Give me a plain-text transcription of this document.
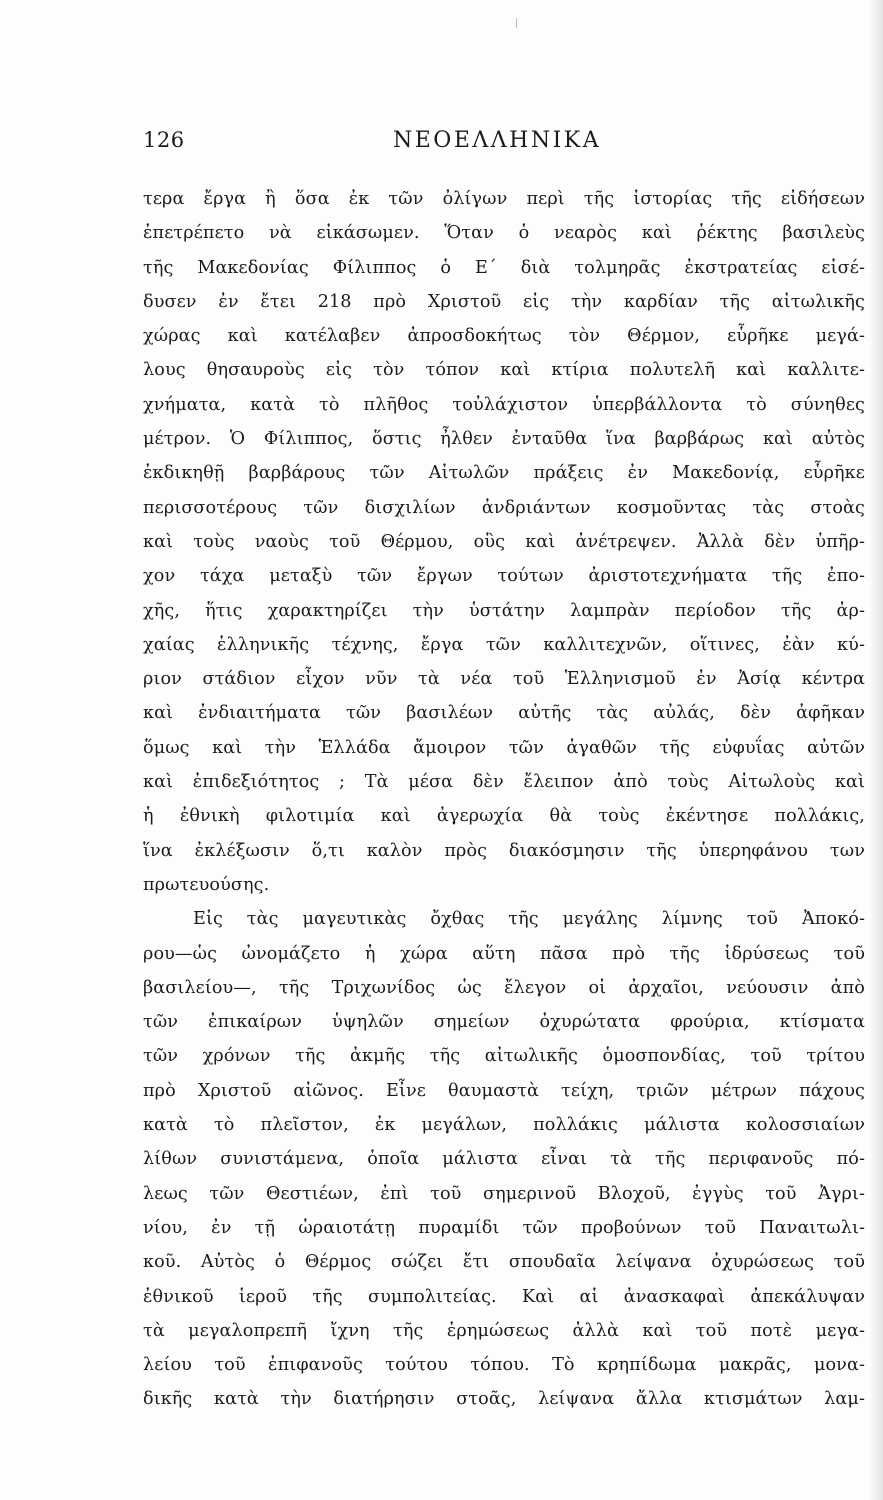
126	ΝΕΟΕΛΛΗΝΙΚΑ
τερα ἔργα ἢ ὅσα ἐκ τῶν ὀλίγων περὶ τῆς ἱστορίας τῆς εἰδήσεων
ἐπετρέπετο νὰ εἰκάσωμεν. Ὅταν ὁ νεαρὸς καὶ ῥέκτης βασιλεὺς
τῆς Μακεδονίας Φίλιππος ὁ Ε΄ διὰ τολμηρᾶς ἐκστρατείας εἰσέ-
δυσεν ἐν ἔτει 218 πρὸ Χριστοῦ εἰς τὴν καρδίαν τῆς αἰτωλικῆς
χώρας καὶ κατέλαβεν ἀπροσδοκήτως τὸν Θέρμον, εὗρῆκε μεγά-
λους θησαυροὺς εἰς τὸν τόπον καὶ κτίρια πολυτελῆ καὶ καλλιτε-
χνήματα, κατὰ τὸ πλῆθος τοὐλάχιστον ὑπερβάλλοντα τὸ σύνηθες
μέτρον. Ὁ Φίλιππος, ὅστις ἦλθεν ἐνταῦθα ἵνα βαρβάρως καὶ αὐτὸς
ἐκδικηθῇ βαρβάρους τῶν Αἰτωλῶν πράξεις ἐν Μακεδονίᾳ, εὗρῆκε
περισσοτέρους τῶν δισχιλίων ἀνδριάντων κοσμοῦντας τὰς στοὰς
καὶ τοὺς ναοὺς τοῦ Θέρμου, οὓς καὶ ἀνέτρεψεν. Ἀλλὰ δὲν ὑπῆρ-
χον τάχα μεταξὺ τῶν ἔργων τούτων ἀριστοτεχνήματα τῆς ἐπο-
χῆς, ἥτις χαρακτηρίζει τὴν ὑστάτην λαμπρὰν περίοδον τῆς ἀρ-
χαίας ἑλληνικῆς τέχνης, ἔργα τῶν καλλιτεχνῶν, οἵτινες, ἐὰν κύ-
ριον στάδιον εἶχον νῦν τὰ νέα τοῦ Ἑλληνισμοῦ ἐν Ἀσίᾳ κέντρα
καὶ ἐνδιαιτήματα τῶν βασιλέων αὐτῆς τὰς αὐλάς, δὲν ἀφῆκαν
ὅμως καὶ τὴν Ἑλλάδα ἄμοιρον τῶν ἀγαθῶν τῆς εὐφυΐας αὐτῶν
καὶ ἐπιδεξιότητος ; Τὰ μέσα δὲν ἔλειπον ἀπὸ τοὺς Αἰτωλοὺς καὶ
ἡ ἐθνικὴ φιλοτιμία καὶ ἀγερωχία θὰ τοὺς ἐκέντησε πολλάκις,
ἵνα ἐκλέξωσιν ὅ,τι καλὸν πρὸς διακόσμησιν τῆς ὑπερηφάνου των
πρωτευούσης.
Εἰς τὰς μαγευτικὰς ὄχθας τῆς μεγάλης λίμνης τοῦ Ἀποκό-
ρου—ὡς ὠνομάζετο ἡ χώρα αὕτη πᾶσα πρὸ τῆς ἱδρύσεως τοῦ
βασιλείου—, τῆς Τριχωνίδος ὡς ἔλεγον οἱ ἀρχαῖοι, νεύουσιν ἀπὸ
τῶν ἐπικαίρων ὑψηλῶν σημείων ὀχυρώτατα φρούρια, κτίσματα
τῶν χρόνων τῆς ἀκμῆς τῆς αἰτωλικῆς ὁμοσπονδίας, τοῦ τρίτου
πρὸ Χριστοῦ αἰῶνος. Εἶνε θαυμαστὰ τείχη, τριῶν μέτρων πάχους
κατὰ τὸ πλεῖστον, ἐκ μεγάλων, πολλάκις μάλιστα κολοσσιαίων
λίθων συνιστάμενα, ὁποῖα μάλιστα εἶναι τὰ τῆς περιφανοῦς πό-
λεως τῶν Θεστιέων, ἐπὶ τοῦ σημερινοῦ Βλοχοῦ, ἐγγὺς τοῦ Ἀγρι-
νίου, ἐν τῇ ὡραιοτάτῃ πυραμίδι τῶν προβούνων τοῦ Παναιτωλι-
κοῦ. Αὐτὸς ὁ Θέρμος σώζει ἔτι σπουδαῖα λείψανα ὀχυρώσεως τοῦ
ἐθνικοῦ ἱεροῦ τῆς συμπολιτείας. Καὶ αἱ ἀνασκαφαὶ ἀπεκάλυψαν
τὰ μεγαλοπρεπῆ ἴχνη τῆς ἐρημώσεως ἀλλὰ καὶ τοῦ ποτὲ μεγα-
λείου τοῦ ἐπιφανοῦς τούτου τόπου. Τὸ κρηπίδωμα μακρᾶς, μονα-
δικῆς κατὰ τὴν διατήρησιν στοᾶς, λείψανα ἄλλα κτισμάτων λαμ-
